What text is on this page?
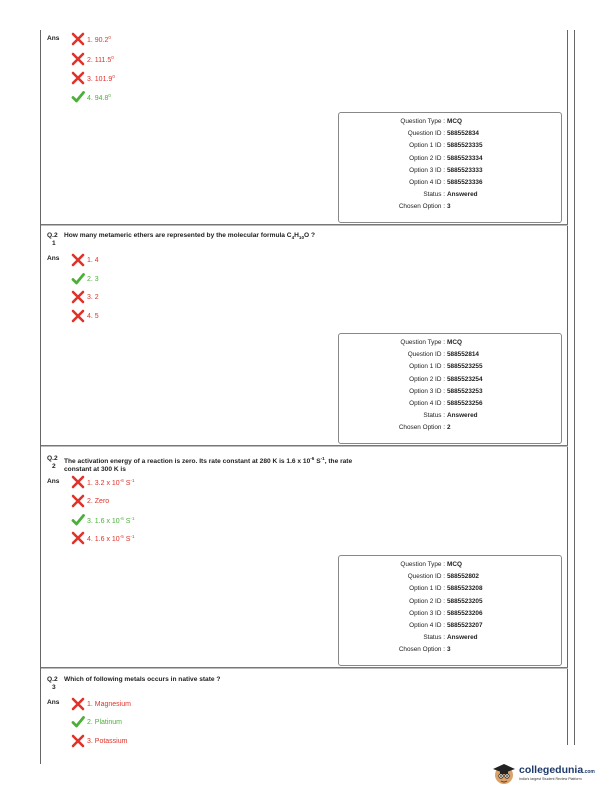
Ans	1. 90.2$^0$
2. 111.5$^0$
3. 101.9$^0$
4. 94.8$^0$
Question Type : MCQ
Question ID : 588552834
Option 1 ID : 5885523335
Option 2 ID : 5885523334
Option 3 ID : 5885523333
Option 4 ID : 5885523336
Status : Answered
Chosen Option : 3
Q.2
1
How many metameric ethers are represented by the molecular formula $C_4H_{10}O$ ?
Ans	1. 4
2. 3
3. 2
4. 5
Question Type : MCQ
Question ID : 588552814
Option 1 ID : 5885523255
Option 2 ID : 5885523254
Option 3 ID : 5885523253
Option 4 ID : 5885523256
Status : Answered
Chosen Option : 2
Q.2
2
The activation energy of a reaction is zero. Its rate constant at 280 K is 1.6 x $10^{-6}$ $S^{-1}$, the rate
constant at 300 K is
Ans	1. 3.2 x $10^{-6}$ $S^{-1}$
2. Zero
3. 1.6 x $10^{-6}$ $S^{-1}$
4. 1.6 x $10^{-5}$ $S^{-1}$
Question Type : MCQ
Question ID : 588552802
Option 1 ID : 5885523208
Option 2 ID : 5885523205
Option 3 ID : 5885523206
Option 4 ID : 5885523207
Status : Answered
Chosen Option : 3
Q.2
3
Which of following metals occurs in native state ?
Ans	1. Magnesium
2. Platinum
3. Potassium
collegedunia.com
India's largest Student Review Platform
